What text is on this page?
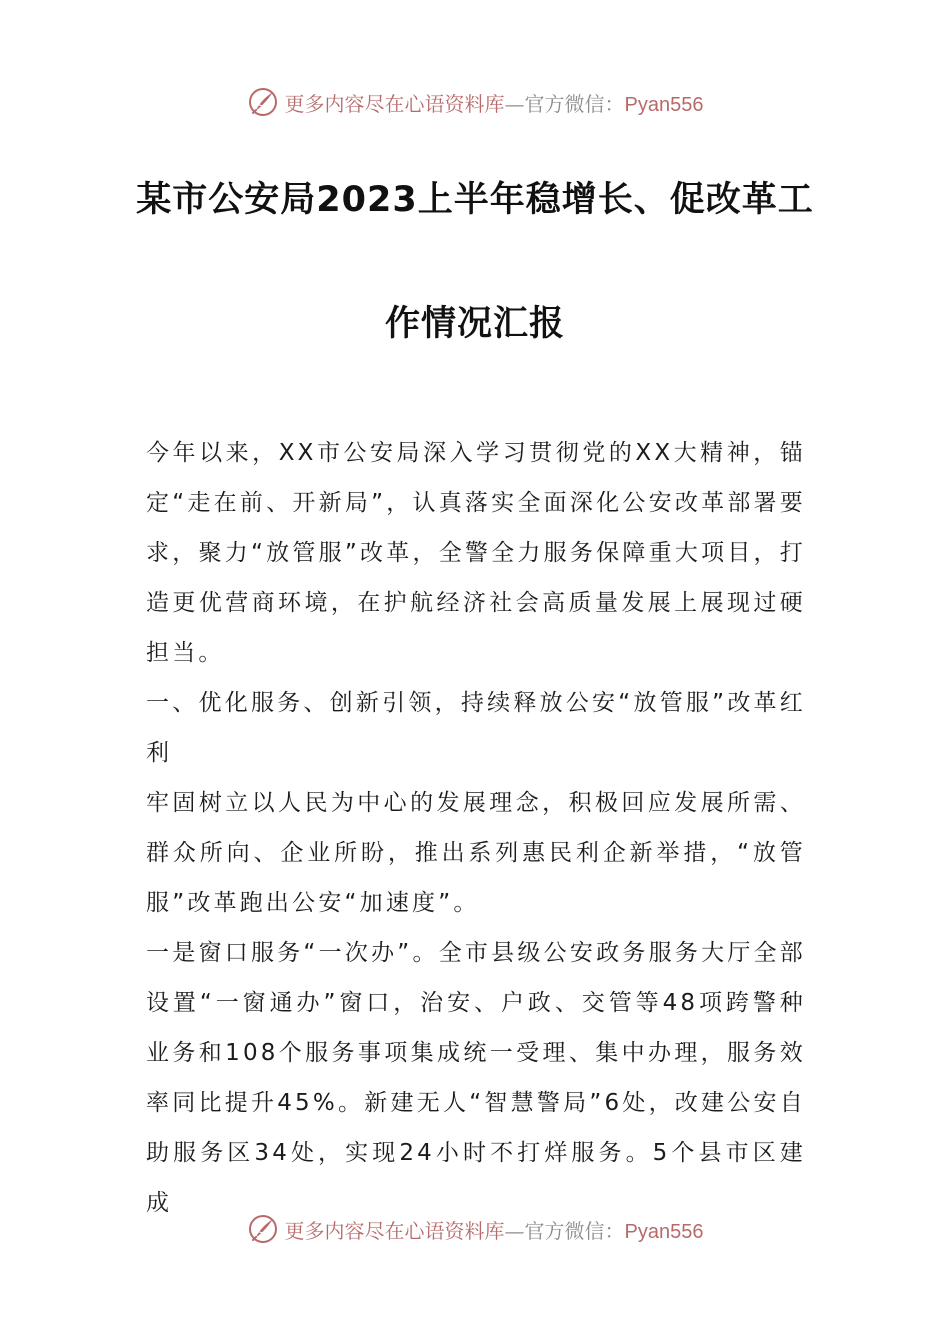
更多内容尽在心语资料库—官方微信：Pyan556
某市公安局2023上半年稳增长、促改革工
作情况汇报

今年以来，XX市公安局深入学习贯彻党的XX大精神，锚定“走在前、开新局”，认真落实全面深化公安改革部署要求，聚力“放管服”改革，全警全力服务保障重大项目，打造更优营商环境，在护航经济社会高质量发展上展现过硬担当。

一、优化服务、创新引领，持续释放公安“放管服”改革红利

牢固树立以人民为中心的发展理念，积极回应发展所需、群众所向、企业所盼，推出系列惠民利企新举措，“放管服”改革跑出公安“加速度”。

一是窗口服务“一次办”。全市县级公安政务服务大厅全部设置“一窗通办”窗口，治安、户政、交管等48项跨警种业务和108个服务事项集成统一受理、集中办理，服务效率同比提升45%。新建无人“智慧警局”6处，改建公安自助服务区34处，实现24小时不打烊服务。5个县市区建成

更多内容尽在心语资料库—官方微信：Pyan556
